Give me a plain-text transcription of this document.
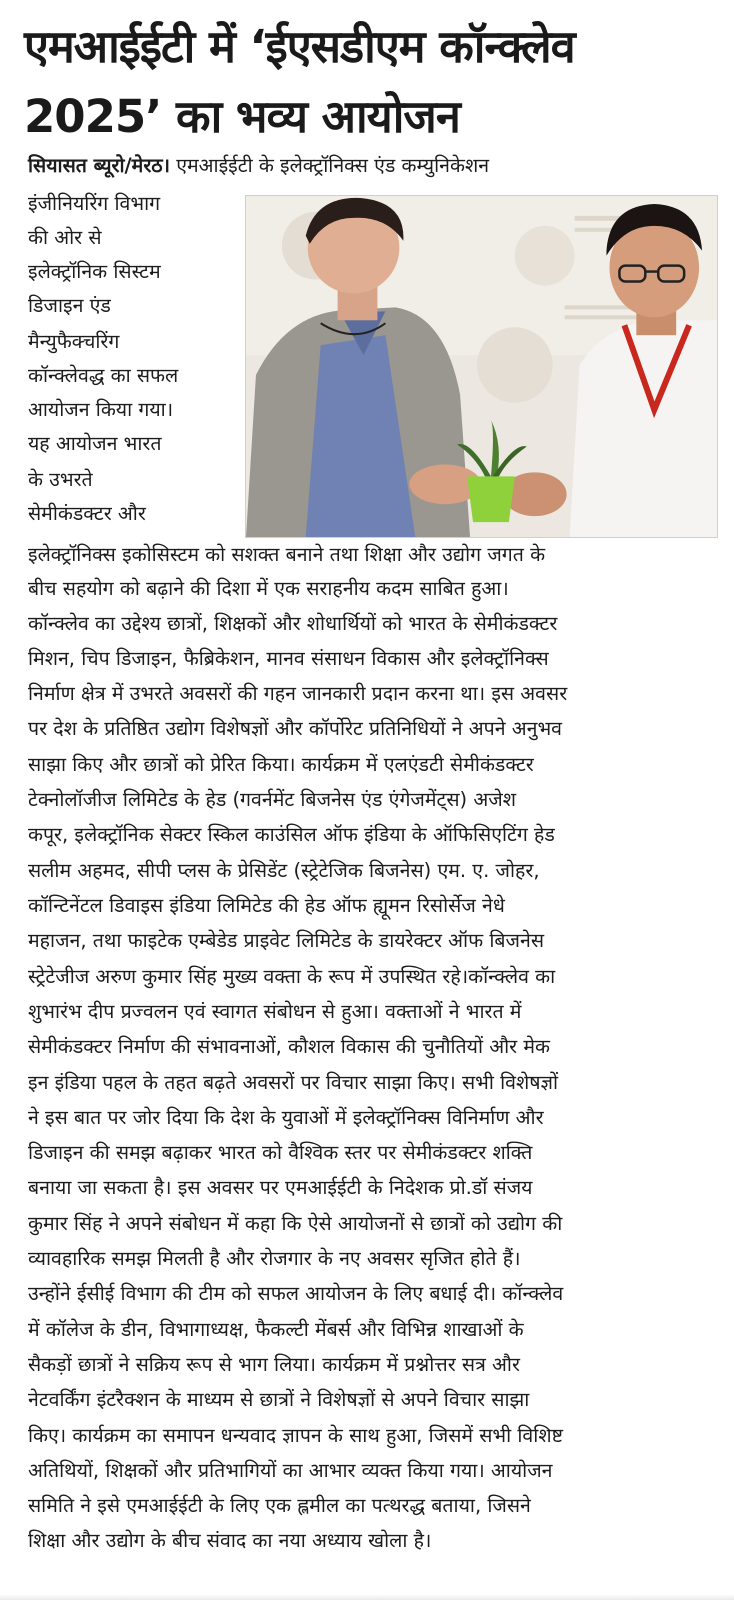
एमआईईटी में ‘ईएसडीएम कॉन्क्लेव
2025’ का भव्य आयोजन
सियासत ब्यूरो/मेरठ। एमआईईटी के इलेक्ट्रॉनिक्स एंड कम्युनिकेशन
इंजीनियरिंग विभाग
की ओर से
इलेक्ट्रॉनिक सिस्टम
डिजाइन एंड
मैन्युफैक्चरिंग
कॉन्क्लेवद्ध का सफल
आयोजन किया गया।
यह आयोजन भारत
के उभरते
सेमीकंडक्टर और
इलेक्ट्रॉनिक्स इकोसिस्टम को सशक्त बनाने तथा शिक्षा और उद्योग जगत के
बीच सहयोग को बढ़ाने की दिशा में एक सराहनीय कदम साबित हुआ।
कॉन्क्लेव का उद्देश्य छात्रों, शिक्षकों और शोधार्थियों को भारत के सेमीकंडक्टर
मिशन, चिप डिजाइन, फैब्रिकेशन, मानव संसाधन विकास और इलेक्ट्रॉनिक्स
निर्माण क्षेत्र में उभरते अवसरों की गहन जानकारी प्रदान करना था। इस अवसर
पर देश के प्रतिष्ठित उद्योग विशेषज्ञों और कॉर्पोरेट प्रतिनिधियों ने अपने अनुभव
साझा किए और छात्रों को प्रेरित किया। कार्यक्रम में एलएंडटी सेमीकंडक्टर
टेक्नोलॉजीज लिमिटेड के हेड (गवर्नमेंट बिजनेस एंड एंगेजमेंट्स) अजेश
कपूर, इलेक्ट्रॉनिक सेक्टर स्किल काउंसिल ऑफ इंडिया के ऑफिसिएटिंग हेड
सलीम अहमद, सीपी प्लस के प्रेसिडेंट (स्ट्रेटेजिक बिजनेस) एम. ए. जोहर,
कॉन्टिनेंटल डिवाइस इंडिया लिमिटेड की हेड ऑफ ह्यूमन रिसोर्सेज नेधे
महाजन, तथा फाइटेक एम्बेडेड प्राइवेट लिमिटेड के डायरेक्टर ऑफ बिजनेस
स्ट्रेटेजीज अरुण कुमार सिंह मुख्य वक्ता के रूप में उपस्थित रहे।कॉन्क्लेव का
शुभारंभ दीप प्रज्वलन एवं स्वागत संबोधन से हुआ। वक्ताओं ने भारत में
सेमीकंडक्टर निर्माण की संभावनाओं, कौशल विकास की चुनौतियों और मेक
इन इंडिया पहल के तहत बढ़ते अवसरों पर विचार साझा किए। सभी विशेषज्ञों
ने इस बात पर जोर दिया कि देश के युवाओं में इलेक्ट्रॉनिक्स विनिर्माण और
डिजाइन की समझ बढ़ाकर भारत को वैश्विक स्तर पर सेमीकंडक्टर शक्ति
बनाया जा सकता है। इस अवसर पर एमआईईटी के निदेशक प्रो.डॉ संजय
कुमार सिंह ने अपने संबोधन में कहा कि ऐसे आयोजनों से छात्रों को उद्योग की
व्यावहारिक समझ मिलती है और रोजगार के नए अवसर सृजित होते हैं।
उन्होंने ईसीई विभाग की टीम को सफल आयोजन के लिए बधाई दी। कॉन्क्लेव
में कॉलेज के डीन, विभागाध्यक्ष, फैकल्टी मेंबर्स और विभिन्न शाखाओं के
सैकड़ों छात्रों ने सक्रिय रूप से भाग लिया। कार्यक्रम में प्रश्नोत्तर सत्र और
नेटवर्किंग इंटरैक्शन के माध्यम से छात्रों ने विशेषज्ञों से अपने विचार साझा
किए। कार्यक्रम का समापन धन्यवाद ज्ञापन के साथ हुआ, जिसमें सभी विशिष्ट
अतिथियों, शिक्षकों और प्रतिभागियों का आभार व्यक्त किया गया। आयोजन
समिति ने इसे एमआईईटी के लिए एक ह्लमील का पत्थरद्ध बताया, जिसने
शिक्षा और उद्योग के बीच संवाद का नया अध्याय खोला है।
